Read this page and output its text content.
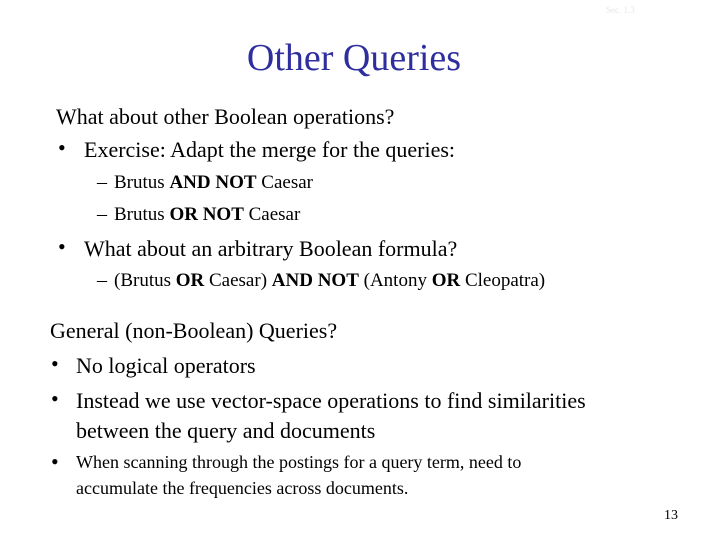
Sec. 1.3
Other Queries
What about other Boolean operations?
• Exercise: Adapt the merge for the queries:
– Brutus AND NOT Caesar
– Brutus OR NOT Caesar
• What about an arbitrary Boolean formula?
– (Brutus OR Caesar) AND NOT (Antony OR Cleopatra)
General (non-Boolean) Queries?
• No logical operators
• Instead we use vector-space operations to find similarities
between the query and documents
• When scanning through the postings for a query term, need to
accumulate the frequencies across documents.
13
